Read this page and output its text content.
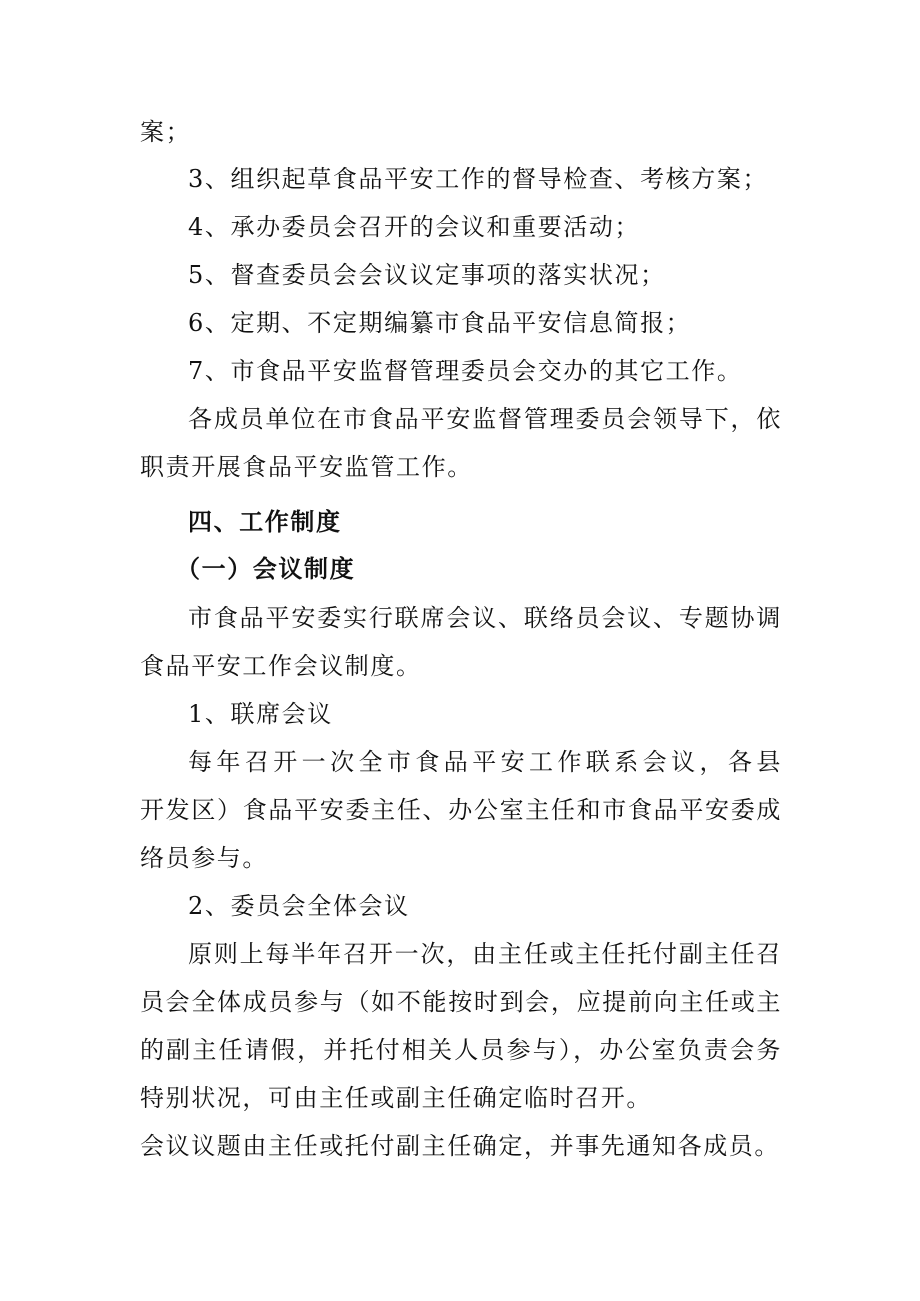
案；
3、组织起草食品平安工作的督导检查、考核方案；
4、承办委员会召开的会议和重要活动；
5、督查委员会会议议定事项的落实状况；
6、定期、不定期编纂市食品平安信息简报；
7、市食品平安监督管理委员会交办的其它工作。
各成员单位在市食品平安监督管理委员会领导下，依
职责开展食品平安监管工作。
四、工作制度
（一）会议制度
市食品平安委实行联席会议、联络员会议、专题协调
食品平安工作会议制度。
1、联席会议
每年召开一次全市食品平安工作联系会议，各县
开发区）食品平安委主任、办公室主任和市食品平安委成
络员参与。
2、委员会全体会议
原则上每半年召开一次，由主任或主任托付副主任召
员会全体成员参与（如不能按时到会，应提前向主任或主
的副主任请假，并托付相关人员参与），办公室负责会务
特别状况，可由主任或副主任确定临时召开。
会议议题由主任或托付副主任确定，并事先通知各成员。
